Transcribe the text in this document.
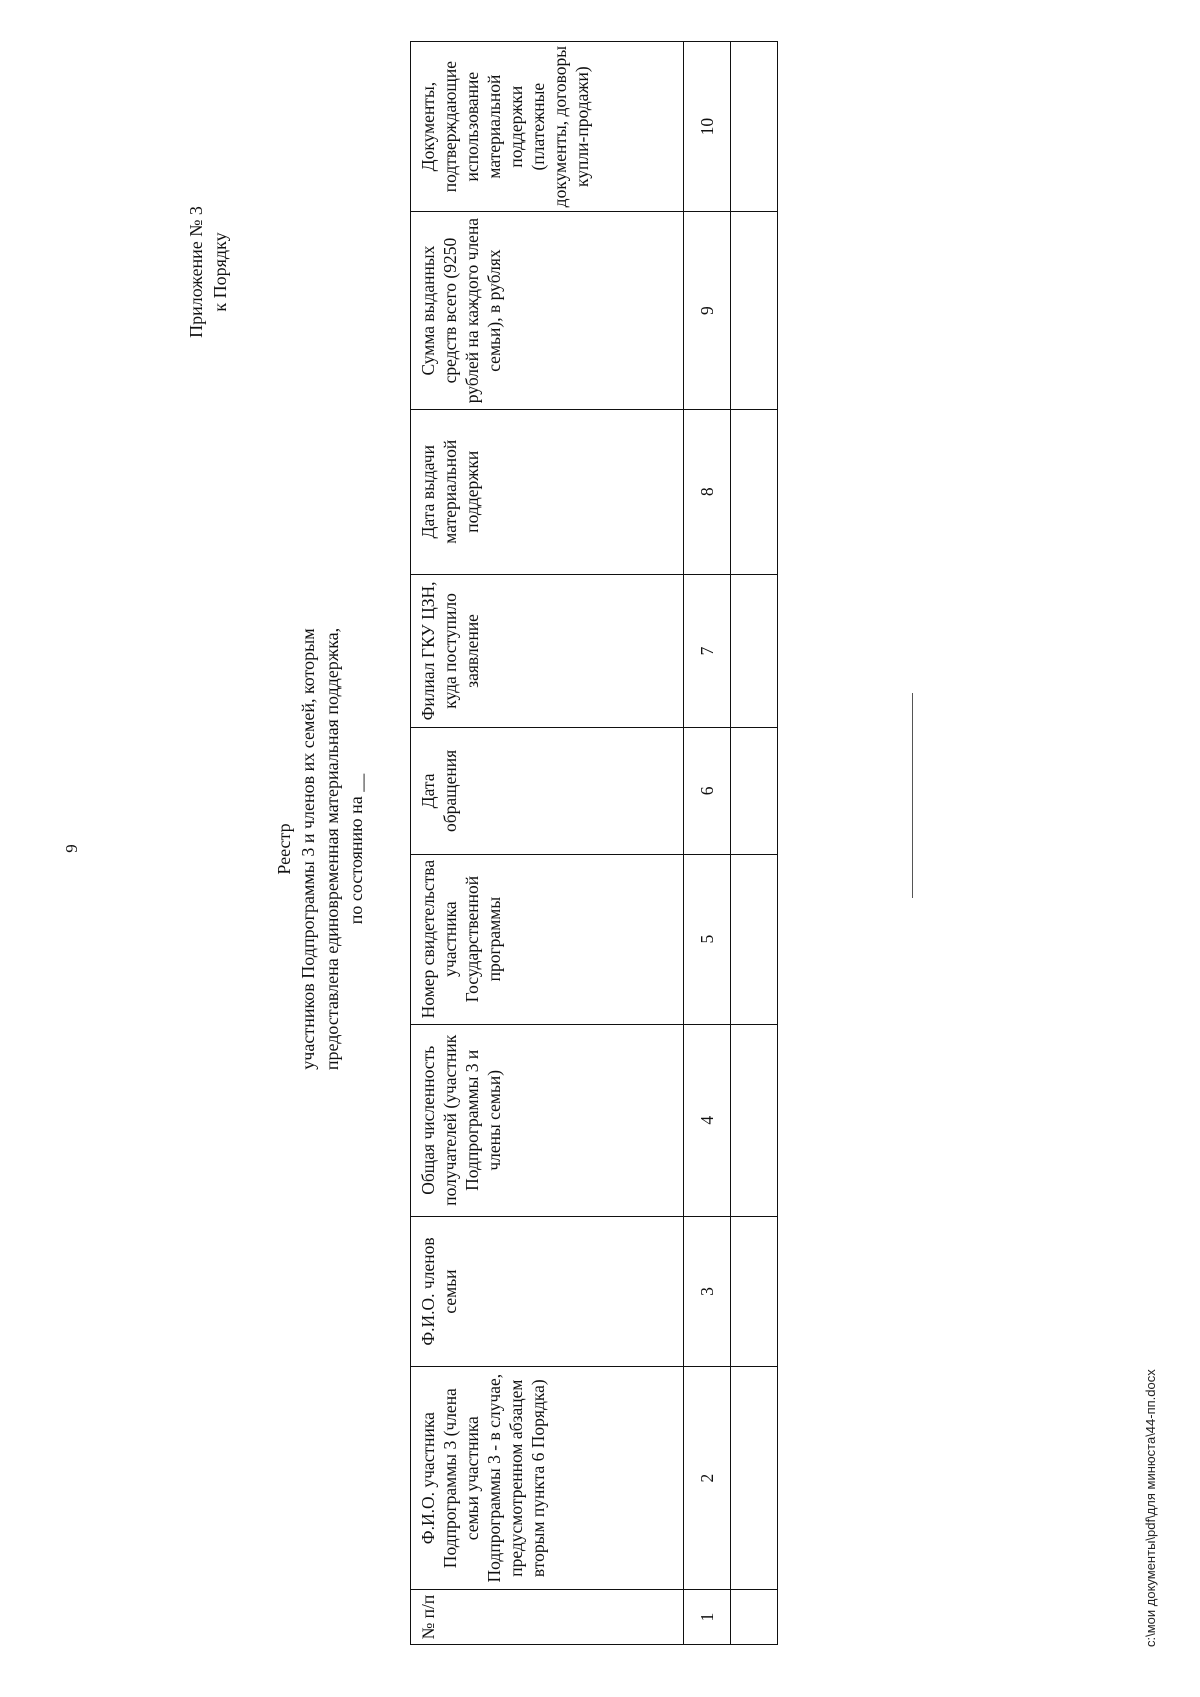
9
Приложение № 3 к Порядку
Реестр участников Подпрограммы 3 и членов их семей, которым предоставлена единовременная материальная поддержка, по состоянию на __
№ п/п	Ф.И.О. участника Подпрограммы 3 (члена семьи участника Подпрограммы 3 - в случае, предусмотренном абзацем вторым пункта 6 Порядка)	Ф.И.О. членов семьи	Общая численность получателей (участник Подпрограммы 3 и члены семьи)	Номер свидетельства участника Государственной программы	Дата обращения	Филиал ГКУ ЦЗН, куда поступило заявление	Дата выдачи материальной поддержки	Сумма выданных средств всего (9250 рублей на каждого члена семьи), в рублях	Документы, подтверждающие использование материальной поддержки (платежные документы, договоры купли-продажи)
1	2	3	4	5	6	7	8	9	10

c:\мои документы\pdf\для минюста\44-пп.docx
